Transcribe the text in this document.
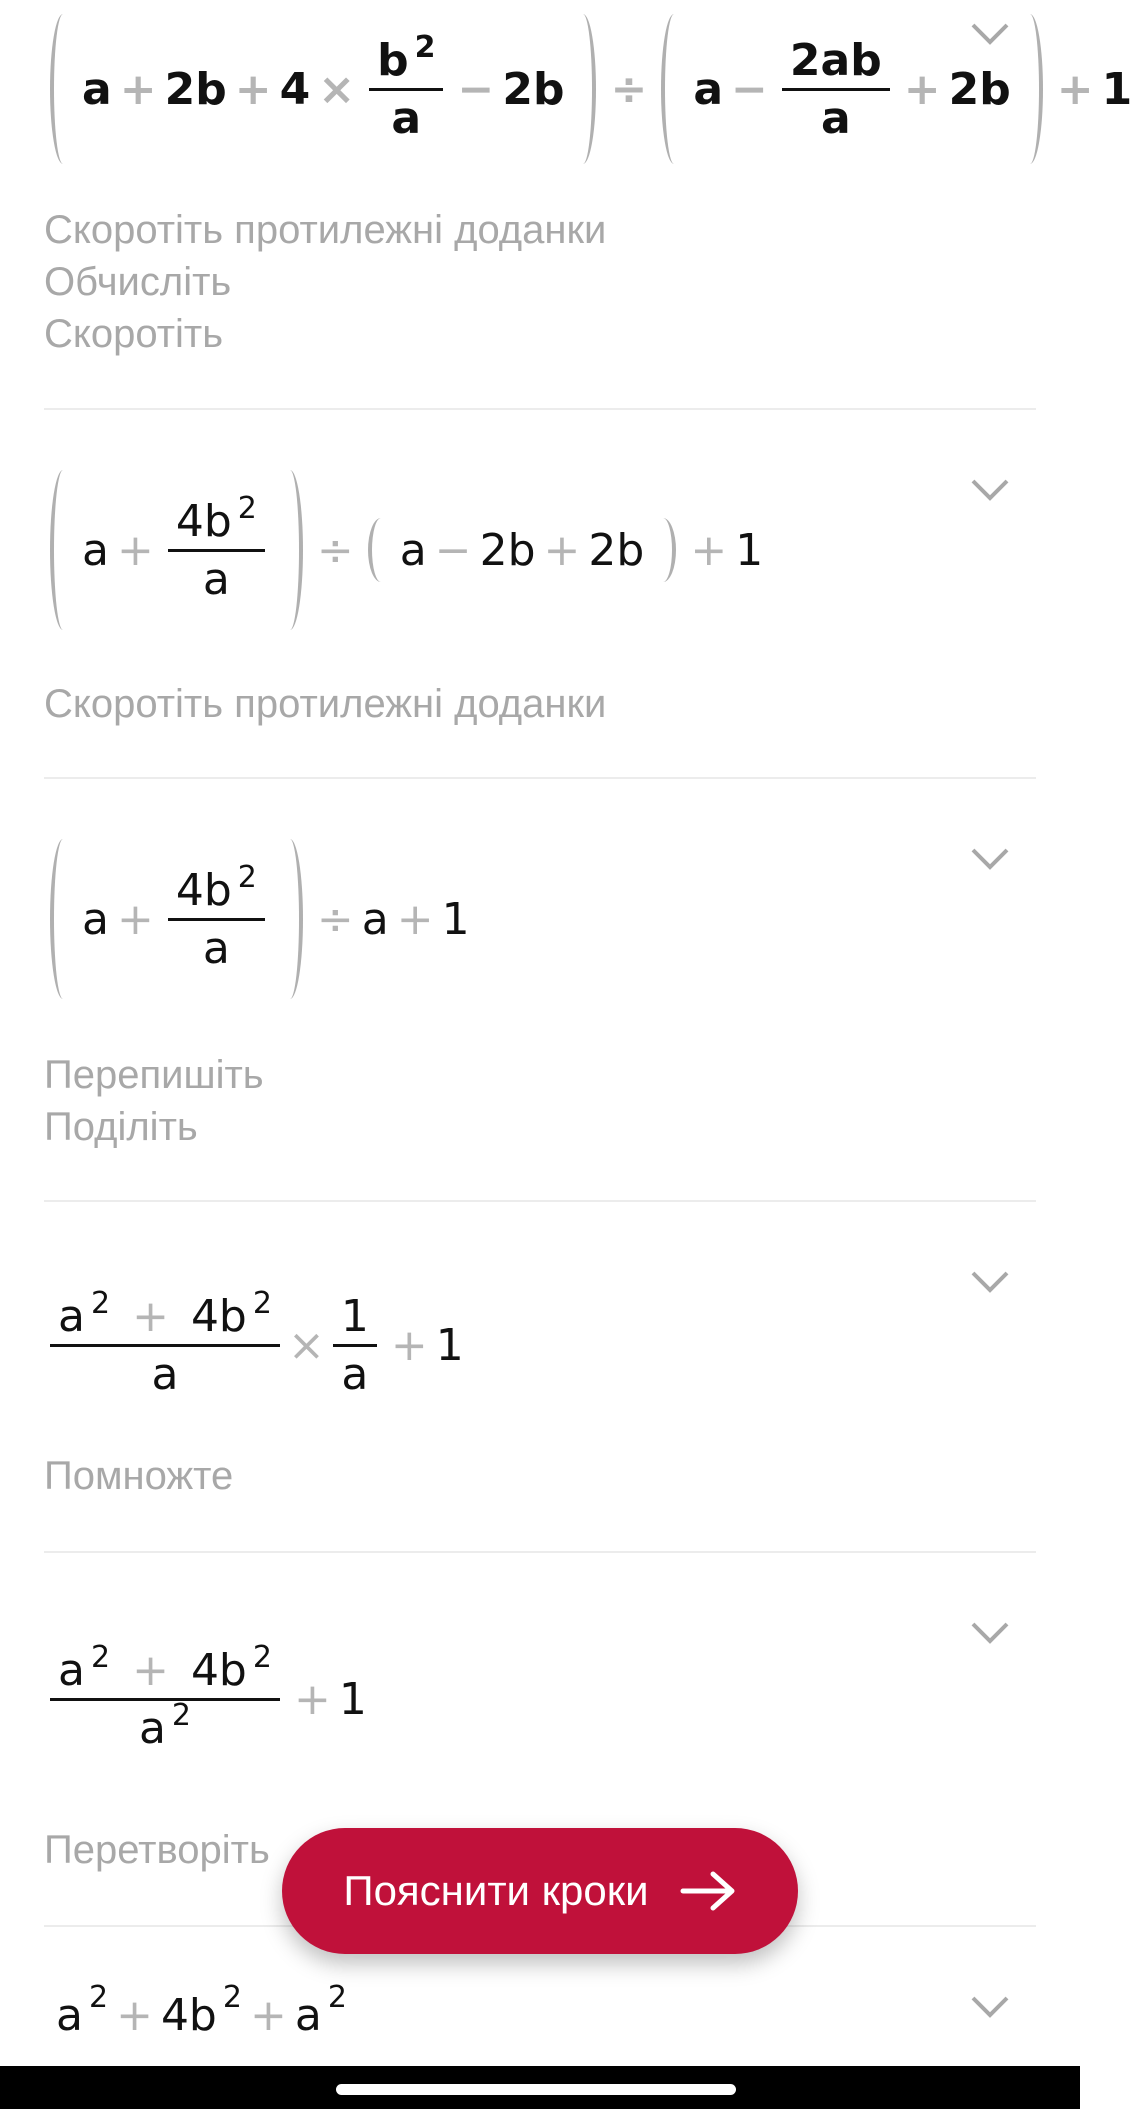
$a + 2b + 4 \times \frac{b ^2}{a} - 2b \div a - \frac{2ab}{a} + 2b + 1$
Скоротіть протилежні доданки
Обчисліть
Скоротіть
$a + \frac{4b ^2}{a} \div a - 2b + 2b + 1$
Скоротіть протилежні доданки
$a + \frac{4b ^2}{a} \div a + 1$
Перепишіть
Поділіть
$\frac{a ^2 + 4b ^2}{a} \times \frac{1}{a} + 1$
Помножте
$\frac{a ^2 + 4b ^2}{a ^2} + 1$
Перетворіть
$a^2 + 4b^2 + a^2$
Пояснити кроки
